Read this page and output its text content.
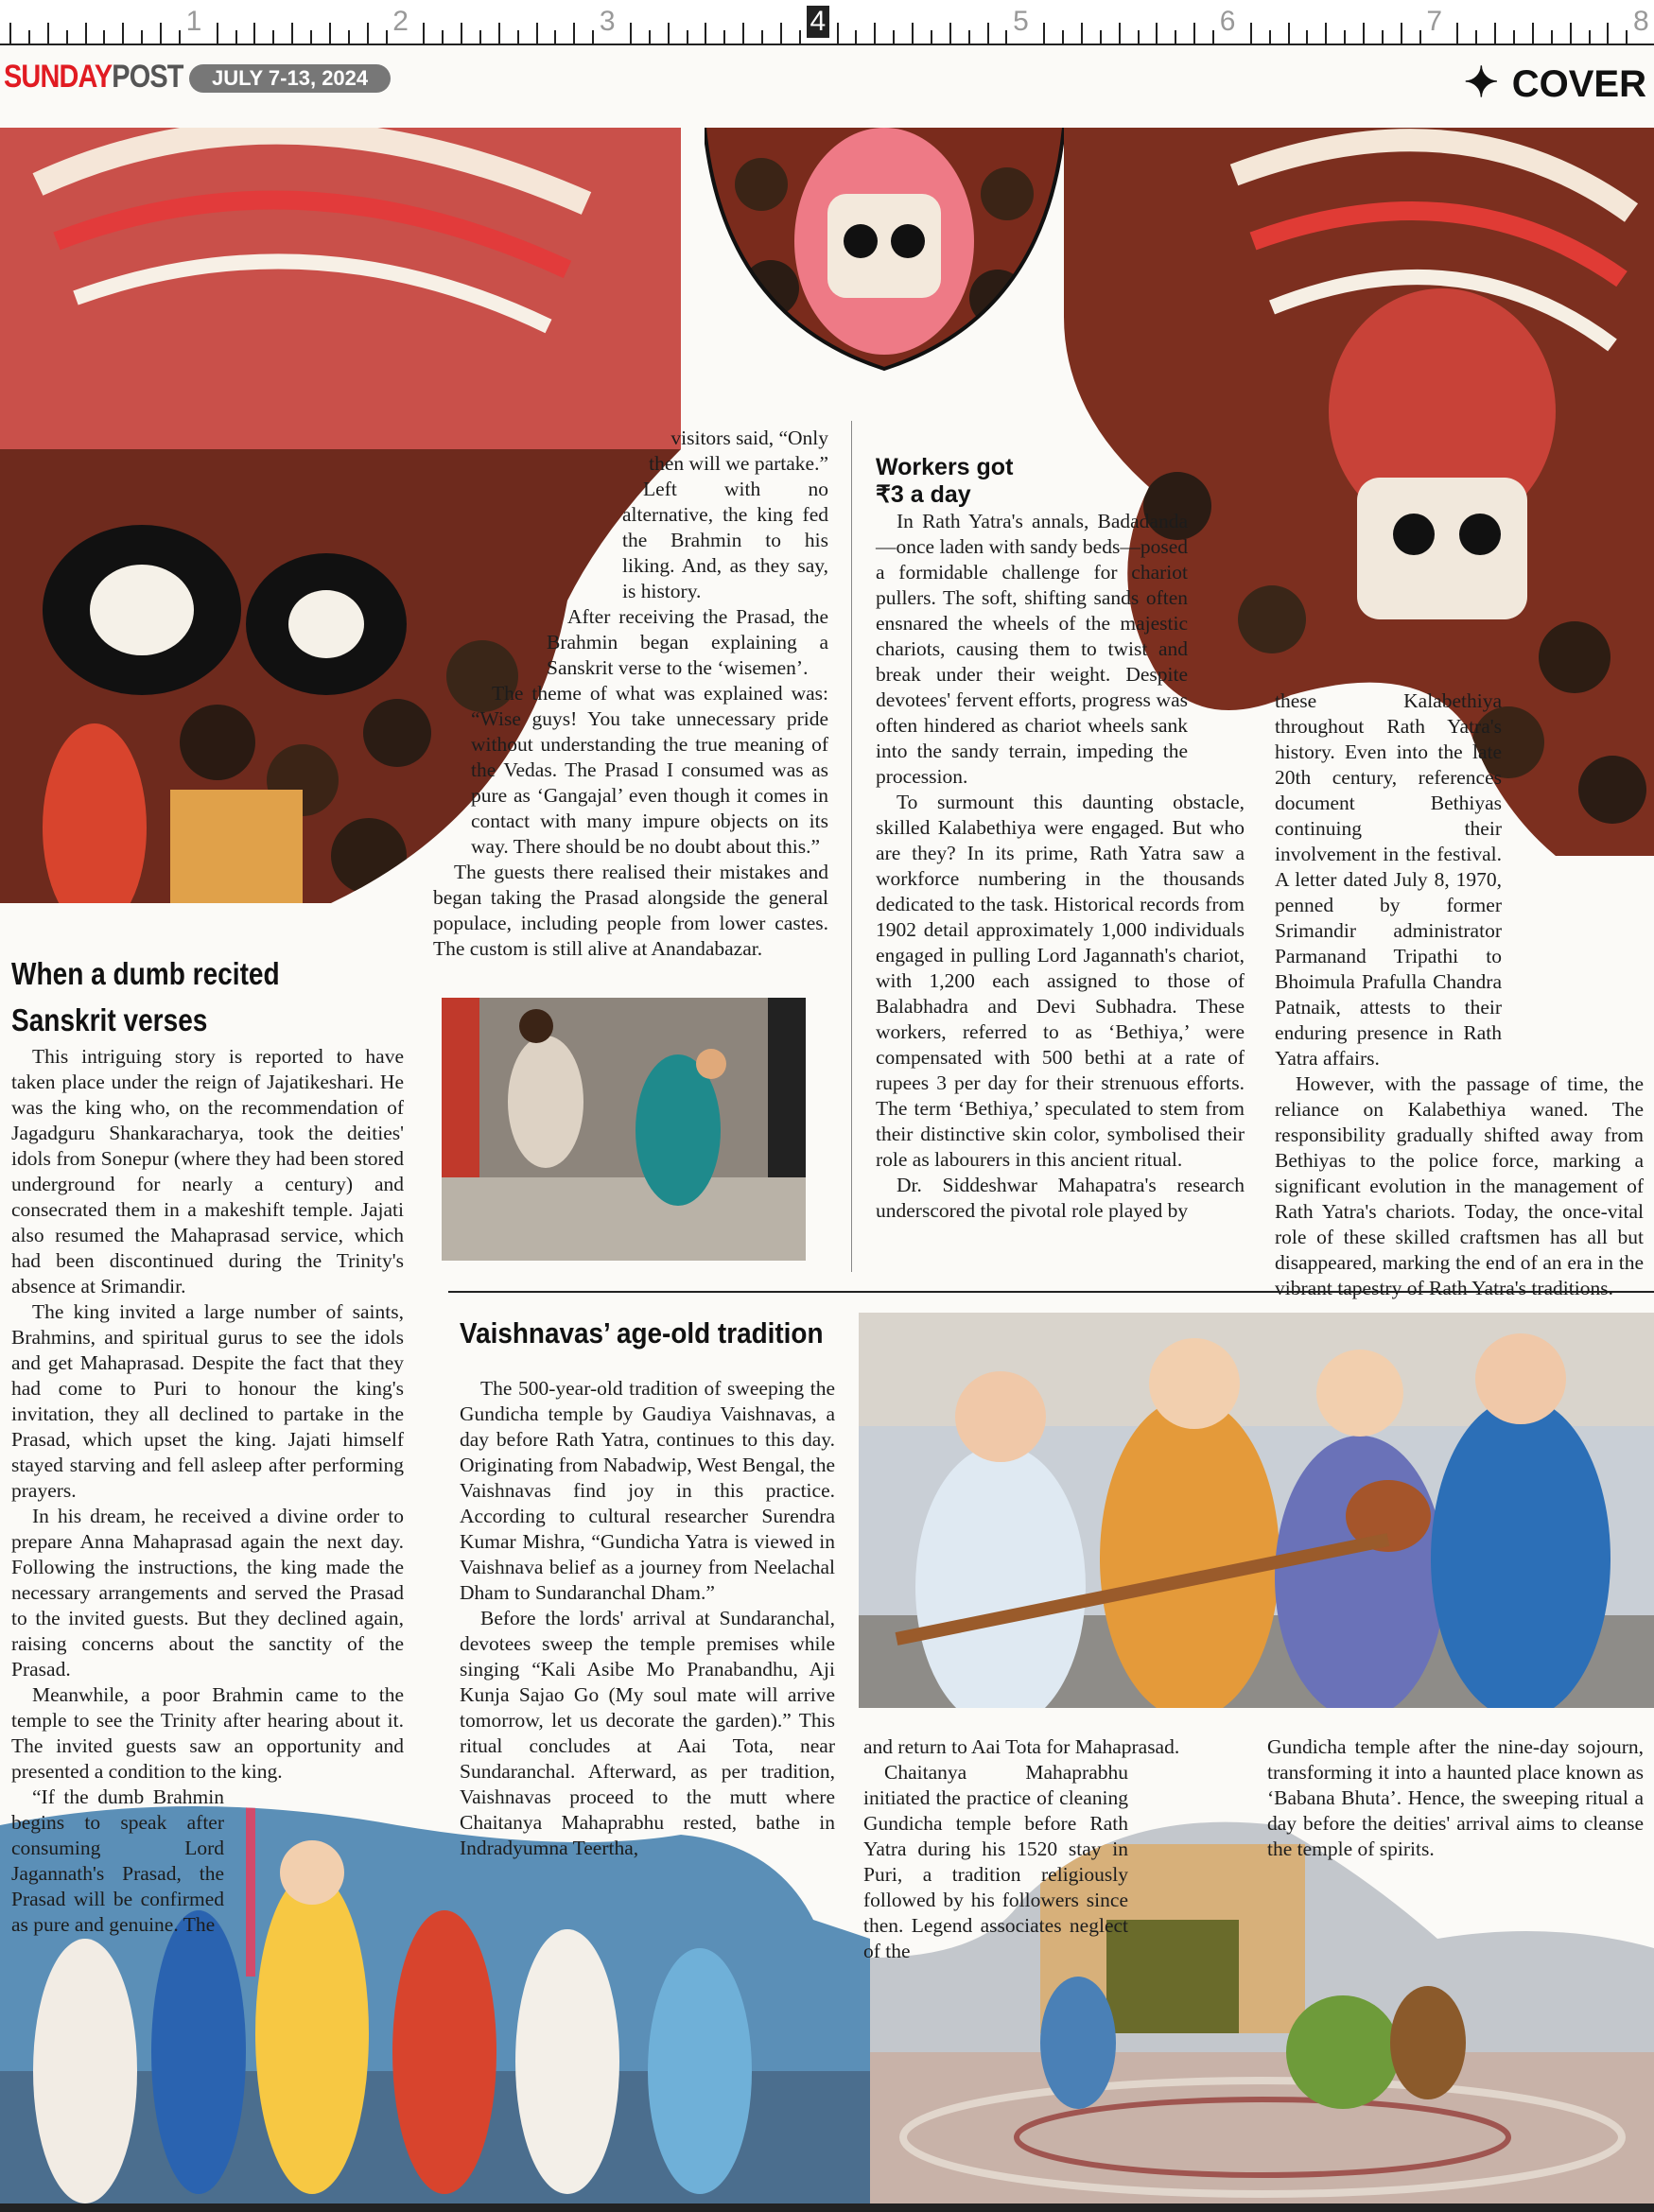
1	2	3	4	5	6	7	8
SUNDAYPOST	JULY 7-13, 2024	✦ COVER
When a dumb recited
Sanskrit verses

This intriguing story is reported to have taken place under the reign of Jajatikeshari. He was the king who, on the recommendation of Jagadguru Shankaracharya, took the deities' idols from Sonepur (where they had been stored underground for nearly a century) and consecrated them in a makeshift temple. Jajati also resumed the Mahaprasad service, which had been discontinued during the Trinity's absence at Srimandir.

The king invited a large number of saints, Brahmins, and spiritual gurus to see the idols and get Mahaprasad. Despite the fact that they had come to Puri to honour the king's invitation, they all declined to partake in the Prasad, which upset the king. Jajati himself stayed starving and fell asleep after performing prayers.

In his dream, he received a divine order to prepare Anna Mahaprasad again the next day. Following the instructions, the king made the necessary arrangements and served the Prasad to the invited guests. But they declined again, raising concerns about the sanctity of the Prasad.

Meanwhile, a poor Brahmin came to the temple to see the Trinity after hearing about it. The invited guests saw an opportunity and presented a condition to the king.

“If the dumb Brahmin begins to speak after consuming Lord Jagannath's Prasad, the Prasad will be confirmed as pure and genuine. The

visitors said, “Only then will we partake.”

Left with no alternative, the king fed the Brahmin to his liking. And, as they say, is history.

After receiving the Prasad, the Brahmin began explaining a Sanskrit verse to the ‘wisemen’.

The theme of what was explained was: “Wise guys! You take unnecessary pride without understanding the true meaning of the Vedas. The Prasad I consumed was as pure as ‘Gangajal’ even though it comes in contact with many impure objects on its way. There should be no doubt about this.”

The guests there realised their mistakes and began taking the Prasad alongside the general populace, including people from lower castes. The custom is still alive at Anandabazar.

Workers got
₹3 a day

In Rath Yatra's annals, Badadanda—once laden with sandy beds—posed a formidable challenge for chariot pullers. The soft, shifting sands often ensnared the wheels of the majestic chariots, causing them to twist and break under their weight. Despite devotees' fervent efforts, progress was often hindered as chariot wheels sank into the sandy terrain, impeding the procession.

To surmount this daunting obstacle, skilled Kalabethiya were engaged. But who are they? In its prime, Rath Yatra saw a workforce numbering in the thousands dedicated to the task. Historical records from 1902 detail approximately 1,000 individuals engaged in pulling Lord Jagannath's chariot, with 1,200 each assigned to those of Balabhadra and Devi Subhadra. These workers, referred to as ‘Bethiya,’ were compensated with 500 bethi at a rate of rupees 3 per day for their strenuous efforts. The term ‘Bethiya,’ speculated to stem from their distinctive skin color, symbolised their role as labourers in this ancient ritual.

Dr. Siddeshwar Mahapatra's research underscored the pivotal role played by

these Kalabethiya throughout Rath Yatra's history. Even into the late 20th century, references document Bethiyas continuing their involvement in the festival. A letter dated July 8, 1970, penned by former Srimandir administrator Parmanand Tripathi to Bhoimula Prafulla Chandra Patnaik, attests to their enduring presence in Rath Yatra affairs.

However, with the passage of time, the reliance on Kalabethiya waned. The responsibility gradually shifted away from Bethiyas to the police force, marking a significant evolution in the management of Rath Yatra's chariots. Today, the once-vital role of these skilled craftsmen has all but disappeared, marking the end of an era in the vibrant tapestry of Rath Yatra's traditions.

Vaishnavas’ age-old tradition

The 500-year-old tradition of sweeping the Gundicha temple by Gaudiya Vaishnavas, a day before Rath Yatra, continues to this day. Originating from Nabadwip, West Bengal, the Vaishnavas find joy in this practice. According to cultural researcher Surendra Kumar Mishra, “Gundicha Yatra is viewed in Vaishnava belief as a journey from Neelachal Dham to Sundaranchal Dham.”

Before the lords' arrival at Sundaranchal, devotees sweep the temple premises while singing “Kali Asibe Mo Pranabandhu, Aji Kunja Sajao Go (My soul mate will arrive tomorrow, let us decorate the garden).” This ritual concludes at Aai Tota, near Sundaranchal. Afterward, as per tradition, Vaishnavas proceed to the mutt where Chaitanya Mahaprabhu rested, bathe in Indradyumna Teertha,

and return to Aai Tota for Mahaprasad.

Chaitanya Mahaprabhu initiated the practice of cleaning Gundicha temple before Rath Yatra during his 1520 stay in Puri, a tradition religiously followed by his followers since then. Legend associates neglect of the

Gundicha temple after the nine-day sojourn, transforming it into a haunted place known as ‘Babana Bhuta’. Hence, the sweeping ritual a day before the deities' arrival aims to cleanse the temple of spirits.
